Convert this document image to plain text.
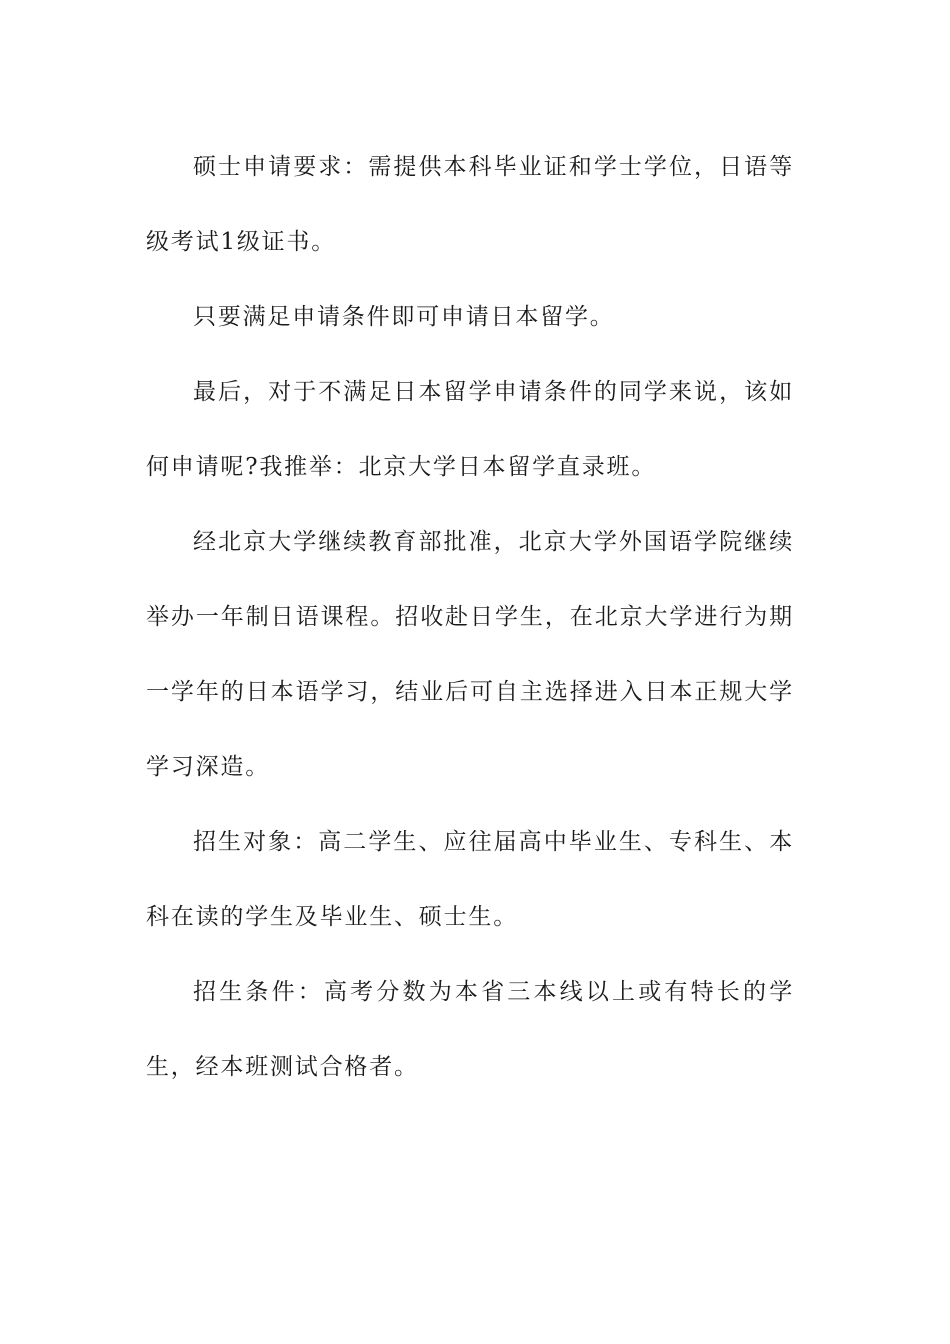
硕士申请要求：需提供本科毕业证和学士学位，日语等级考试1级证书。

只要满足申请条件即可申请日本留学。

最后，对于不满足日本留学申请条件的同学来说，该如何申请呢?我推举：北京大学日本留学直录班。

经北京大学继续教育部批准，北京大学外国语学院继续举办一年制日语课程。招收赴日学生，在北京大学进行为期一学年的日本语学习，结业后可自主选择进入日本正规大学学习深造。

招生对象：高二学生、应往届高中毕业生、专科生、本科在读的学生及毕业生、硕士生。

招生条件：高考分数为本省三本线以上或有特长的学生，经本班测试合格者。
